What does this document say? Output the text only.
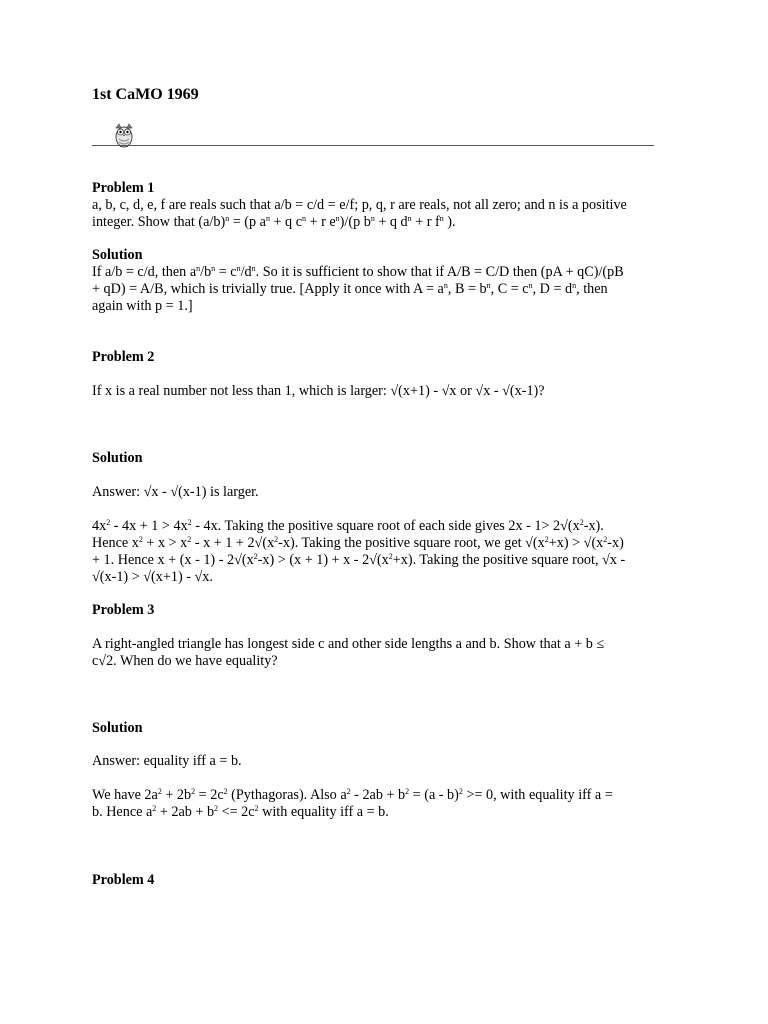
1st CaMO 1969
Problem 1
a, b, c, d, e, f are reals such that a/b = c/d = e/f; p, q, r are reals, not all zero; and n is a positive
integer. Show that $(a/b)^n = (p$ $a^n + q$ $c^n + r$ $e^n)/(p$ $b^n + q$ $d^n + r$ $f^n$ ).
Solution
If a/b = c/d, then $a^n/b^n = c^n/d^n$. So it is sufficient to show that if A/B = C/D then (pA + qC)/(pB
+ qD) = A/B, which is trivially true. [Apply it once with $A = a^n$, $B = b^n$, $C = c^n$, $D = d^n$, then
again with p = 1.]
Problem 2
If x is a real number not less than 1, which is larger: √(x+1) - √x or √x - √(x-1)?
Solution
Answer: √x - √(x-1) is larger.
$4x^2 - 4x + 1 > 4x^2 - 4x$. Taking the positive square root of each side gives $2x - 1> 2√(x^2-x)$.
Hence $x^2 + x > x^2 - x + 1 + 2√(x^2-x)$. Taking the positive square root, we get $√(x^2+x) > √(x^2-x)$
+ 1. Hence $x + (x - 1) - 2√(x^2-x) > (x + 1) + x - 2√(x^2+x)$. Taking the positive square root, √x -
√(x-1) > √(x+1) - √x.
Problem 3
A right-angled triangle has longest side c and other side lengths a and b. Show that a + b ≤
c√2. When do we have equality?
Solution
Answer: equality iff a = b.
We have $2a^2 + 2b^2 = 2c^2$ (Pythagoras). Also $a^2 - 2ab + b^2 = (a - b)^2 >= 0$, with equality iff a =
b. Hence $a^2 + 2ab + b^2 <= 2c^2$ with equality iff a = b.
Problem 4
